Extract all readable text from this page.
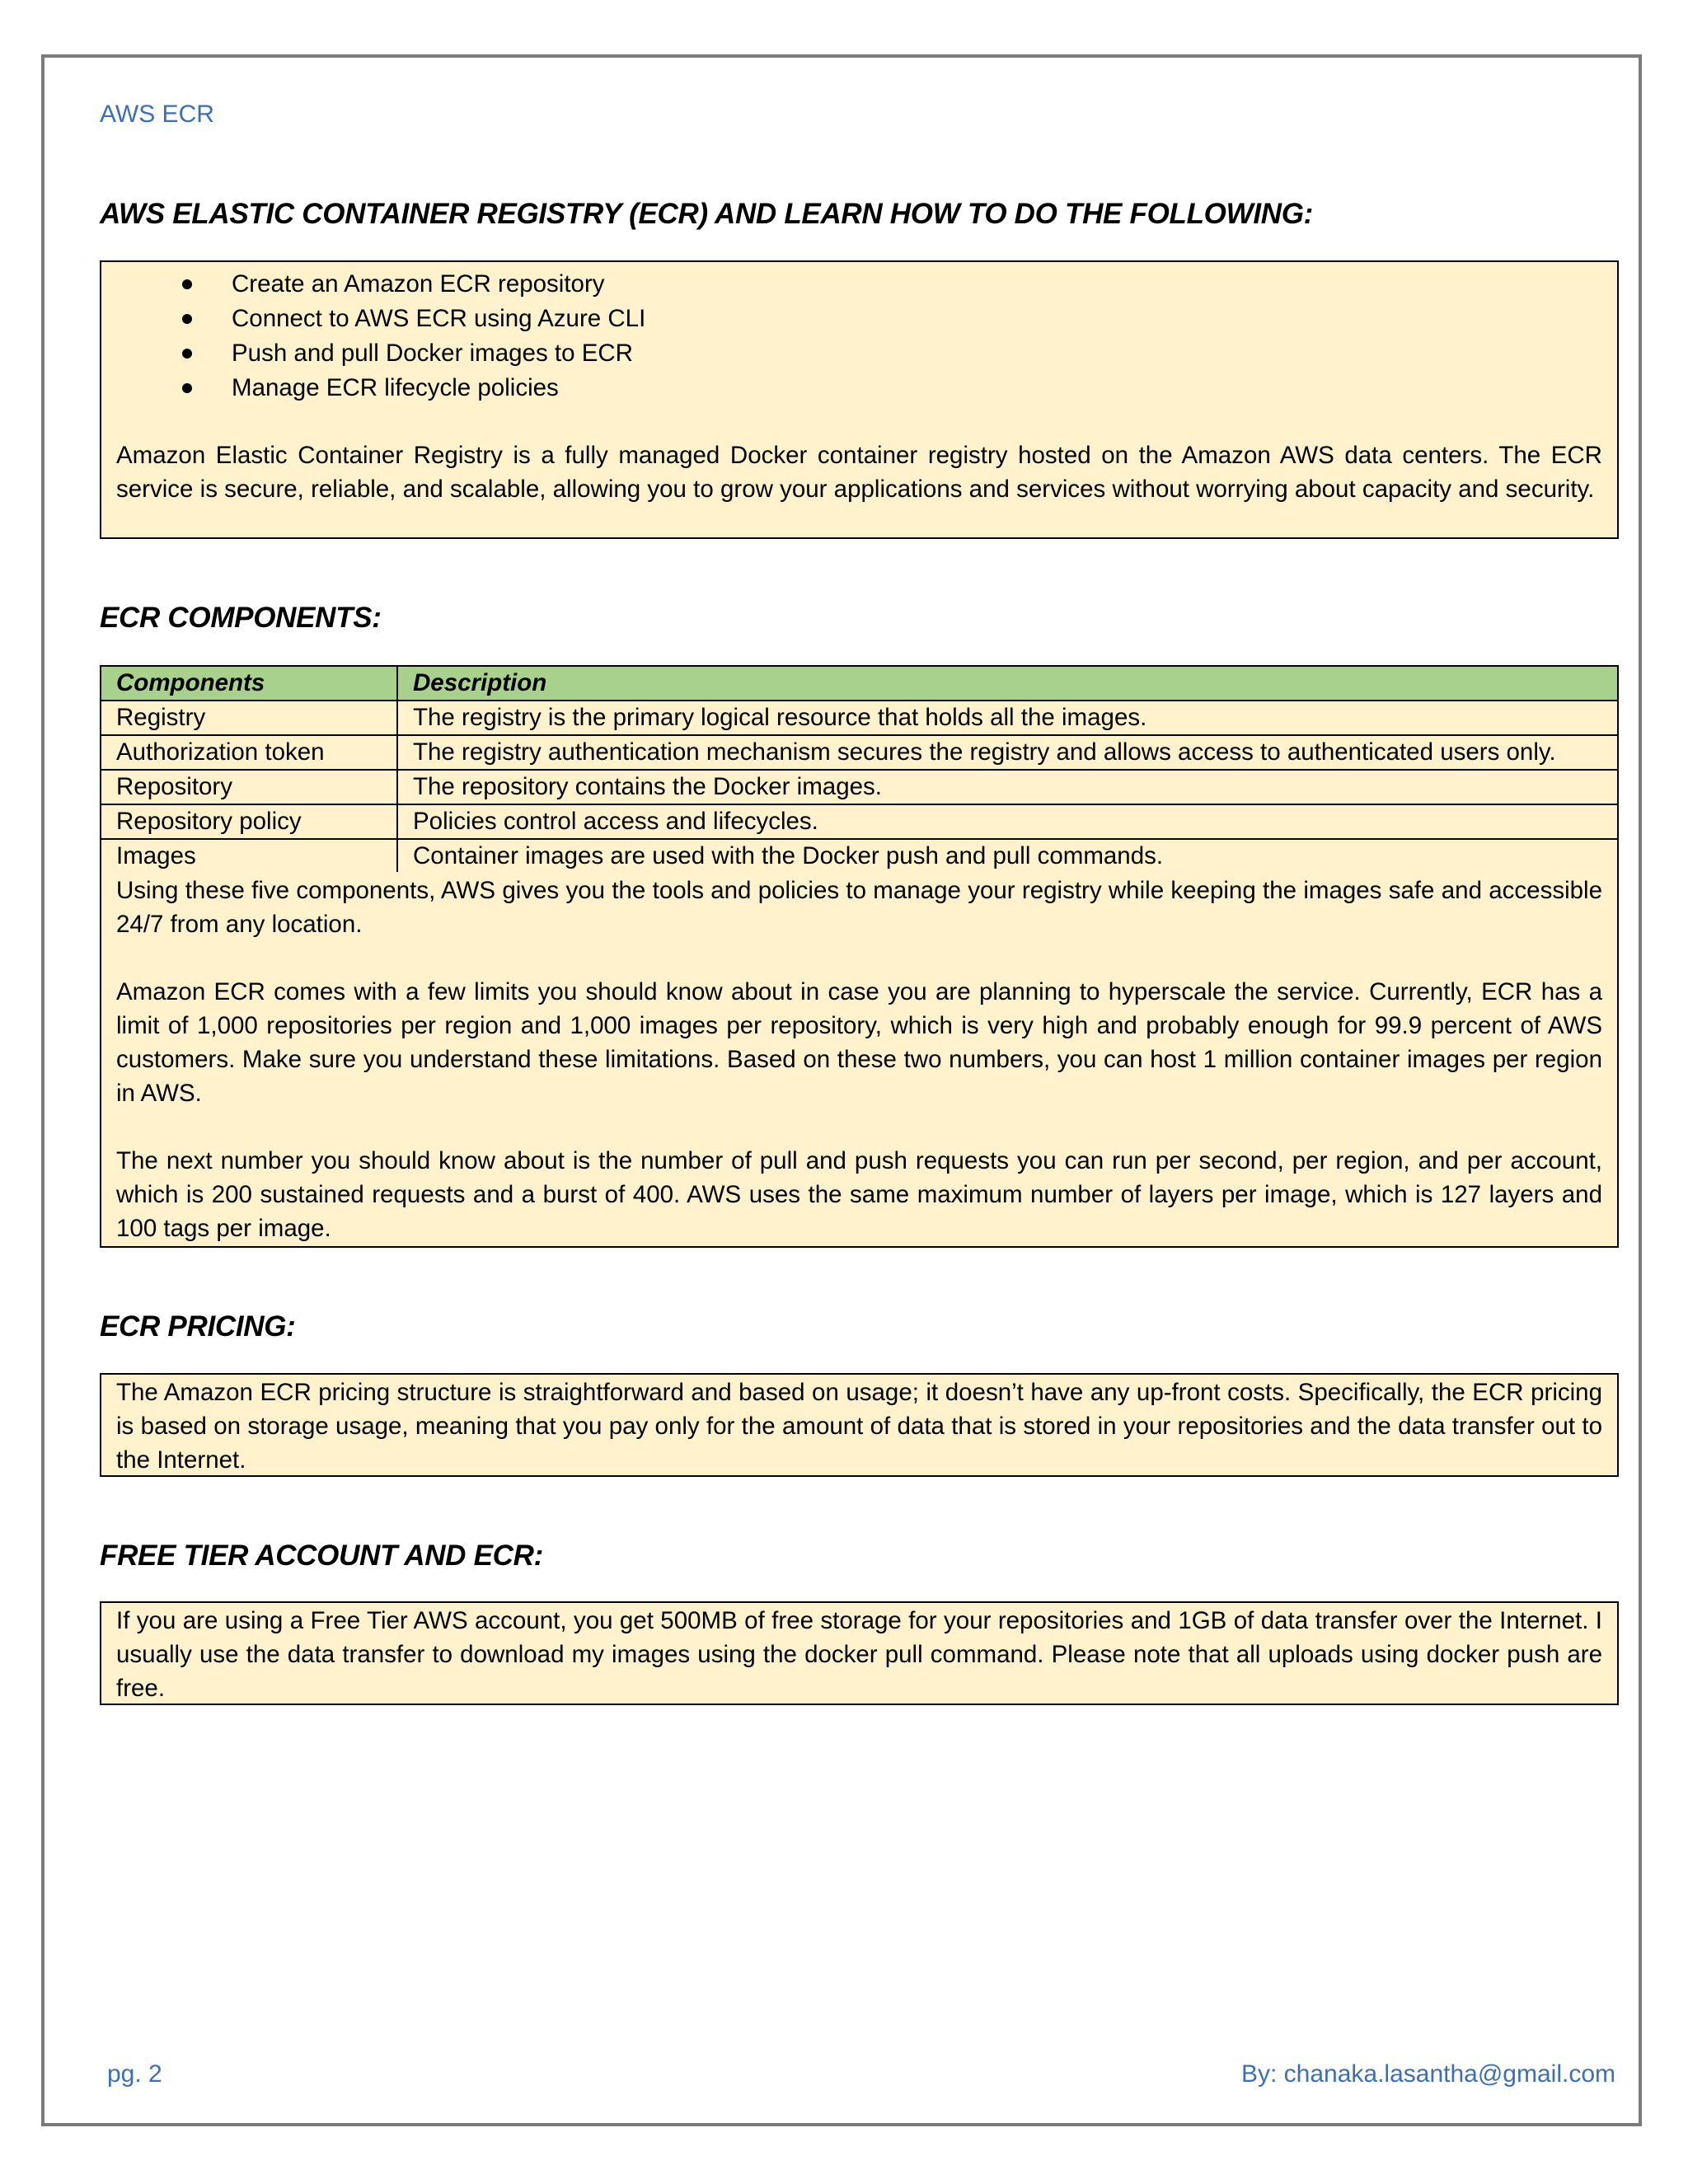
AWS ECR
AWS ELASTIC CONTAINER REGISTRY (ECR) AND LEARN HOW TO DO THE FOLLOWING:
Create an Amazon ECR repository
Connect to AWS ECR using Azure CLI
Push and pull Docker images to ECR
Manage ECR lifecycle policies

Amazon Elastic Container Registry is a fully managed Docker container registry hosted on the Amazon AWS data centers. The ECR service is secure, reliable, and scalable, allowing you to grow your applications and services without worrying about capacity and security.

ECR COMPONENTS:
Components	Description
Registry	The registry is the primary logical resource that holds all the images.
Authorization token	The registry authentication mechanism secures the registry and allows access to authenticated users only.
Repository	The repository contains the Docker images.
Repository policy	Policies control access and lifecycles.
Images	Container images are used with the Docker push and pull commands.

Using these five components, AWS gives you the tools and policies to manage your registry while keeping the images safe and accessible 24/7 from any location.

Amazon ECR comes with a few limits you should know about in case you are planning to hyperscale the service. Currently, ECR has a limit of 1,000 repositories per region and 1,000 images per repository, which is very high and probably enough for 99.9 percent of AWS customers. Make sure you understand these limitations. Based on these two numbers, you can host 1 million container images per region in AWS.

The next number you should know about is the number of pull and push requests you can run per second, per region, and per account, which is 200 sustained requests and a burst of 400. AWS uses the same maximum number of layers per image, which is 127 layers and 100 tags per image.

ECR PRICING:

The Amazon ECR pricing structure is straightforward and based on usage; it doesn’t have any up-front costs. Specifically, the ECR pricing is based on storage usage, meaning that you pay only for the amount of data that is stored in your repositories and the data transfer out to the Internet.

FREE TIER ACCOUNT AND ECR:

If you are using a Free Tier AWS account, you get 500MB of free storage for your repositories and 1GB of data transfer over the Internet. I usually use the data transfer to download my images using the docker pull command. Please note that all uploads using docker push are free.

pg. 2	By: chanaka.lasantha@gmail.com
